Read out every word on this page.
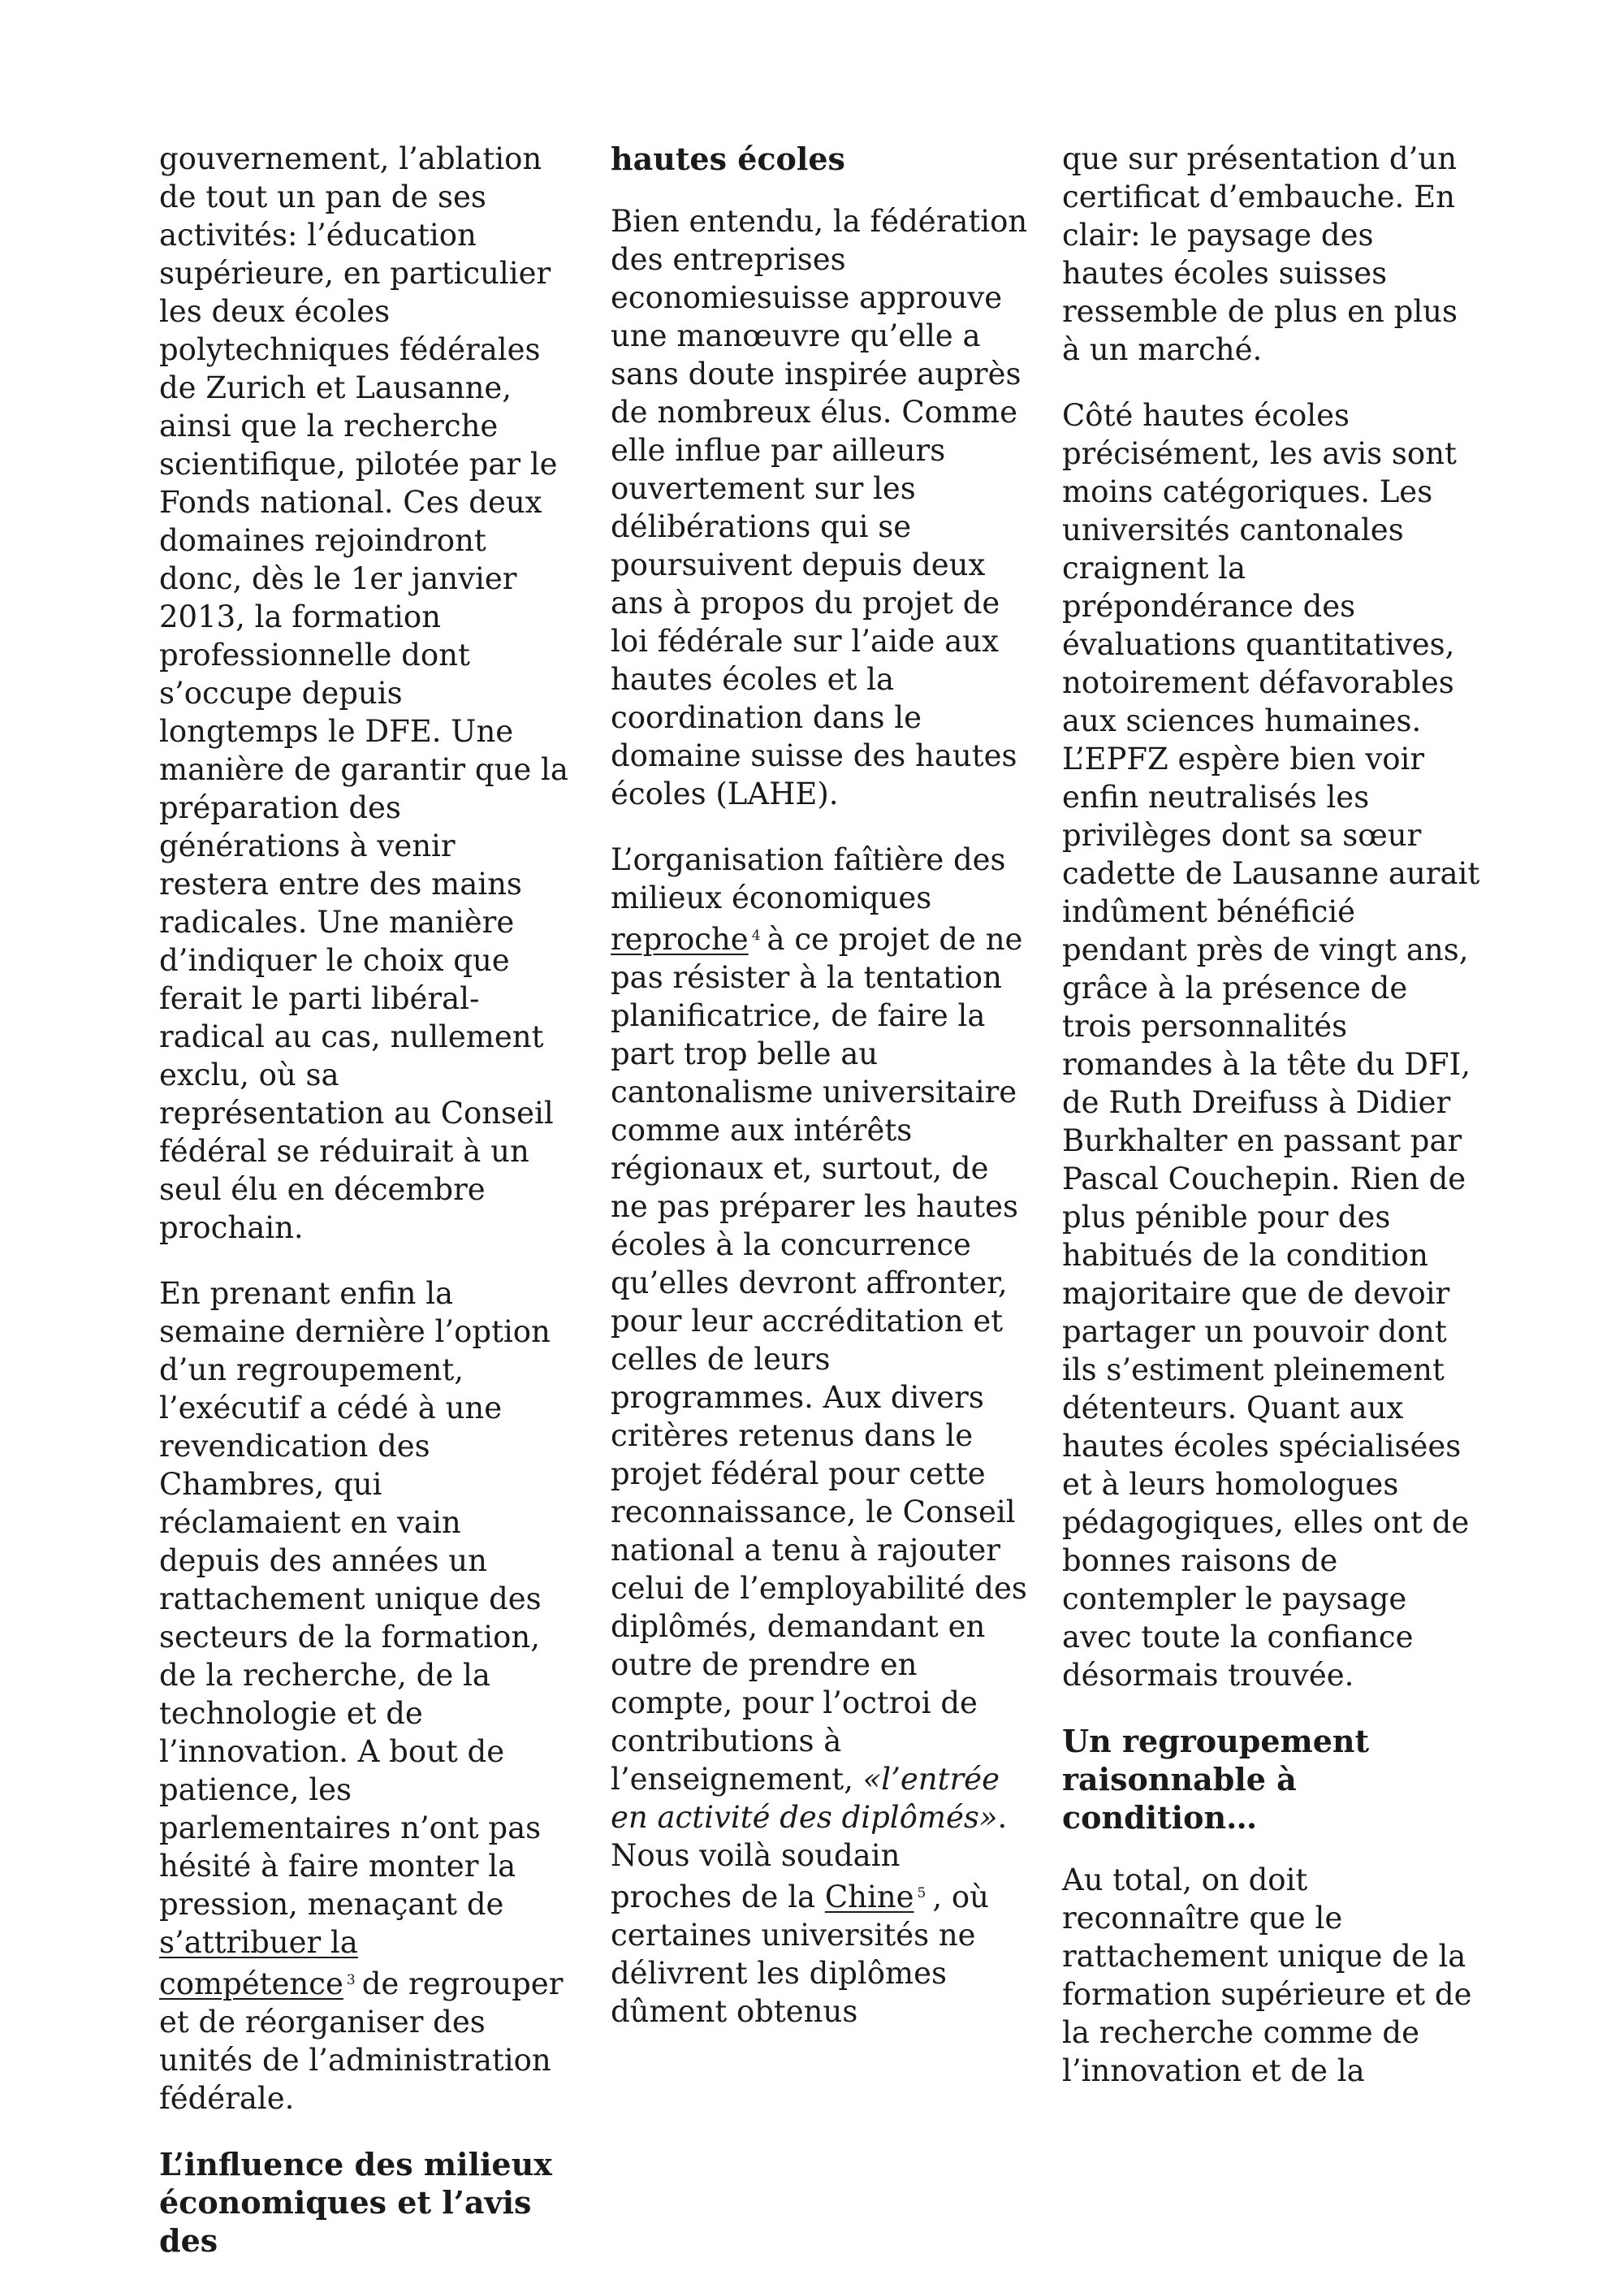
gouvernement, l’ablation de tout un pan de ses activités: l’éducation supérieure, en particulier les deux écoles polytechniques fédérales de Zurich et Lausanne, ainsi que la recherche scientifique, pilotée par le Fonds national. Ces deux domaines rejoindront donc, dès le 1er janvier 2013, la formation professionnelle dont s’occupe depuis longtemps le DFE. Une manière de garantir que la préparation des générations à venir restera entre des mains radicales. Une manière d’indiquer le choix que ferait le parti libéral-radical au cas, nullement exclu, où sa représentation au Conseil fédéral se réduirait à un seul élu en décembre prochain.

En prenant enfin la semaine dernière l’option d’un regroupement, l’exécutif a cédé à une revendication des Chambres, qui réclamaient en vain depuis des années un rattachement unique des secteurs de la formation, de la recherche, de la technologie et de l’innovation. A bout de patience, les parlementaires n’ont pas hésité à faire monter la pression, menaçant de s’attribuer la compétence $^3$ de regrouper et de réorganiser des unités de l’administration fédérale.

L’influence des milieux économiques et l’avis des
hautes écoles

Bien entendu, la fédération des entreprises economiesuisse approuve une manœuvre qu’elle a sans doute inspirée auprès de nombreux élus. Comme elle influe par ailleurs ouvertement sur les délibérations qui se poursuivent depuis deux ans à propos du projet de loi fédérale sur l’aide aux hautes écoles et la coordination dans le domaine suisse des hautes écoles (LAHE).

L’organisation faîtière des milieux économiques reproche $^4$ à ce projet de ne pas résister à la tentation planificatrice, de faire la part trop belle au cantonalisme universitaire comme aux intérêts régionaux et, surtout, de ne pas préparer les hautes écoles à la concurrence qu’elles devront affronter, pour leur accréditation et celles de leurs programmes. Aux divers critères retenus dans le projet fédéral pour cette reconnaissance, le Conseil national a tenu à rajouter celui de l’employabilité des diplômés, demandant en outre de prendre en compte, pour l’octroi de contributions à l’enseignement, «l’entrée en activité des diplômés». Nous voilà soudain proches de la Chine $^5$ , où certaines universités ne délivrent les diplômes dûment obtenus

que sur présentation d’un certificat d’embauche. En clair: le paysage des hautes écoles suisses ressemble de plus en plus à un marché.

Côté hautes écoles précisément, les avis sont moins catégoriques. Les universités cantonales craignent la prépondérance des évaluations quantitatives, notoirement défavorables aux sciences humaines. L’EPFZ espère bien voir enfin neutralisés les privilèges dont sa sœur cadette de Lausanne aurait indûment bénéficié pendant près de vingt ans, grâce à la présence de trois personnalités romandes à la tête du DFI, de Ruth Dreifuss à Didier Burkhalter en passant par Pascal Couchepin. Rien de plus pénible pour des habitués de la condition majoritaire que de devoir partager un pouvoir dont ils s’estiment pleinement détenteurs. Quant aux hautes écoles spécialisées et à leurs homologues pédagogiques, elles ont de bonnes raisons de contempler le paysage avec toute la confiance désormais trouvée.

Un regroupement raisonnable à condition…

Au total, on doit reconnaître que le rattachement unique de la formation supérieure et de la recherche comme de l’innovation et de la
